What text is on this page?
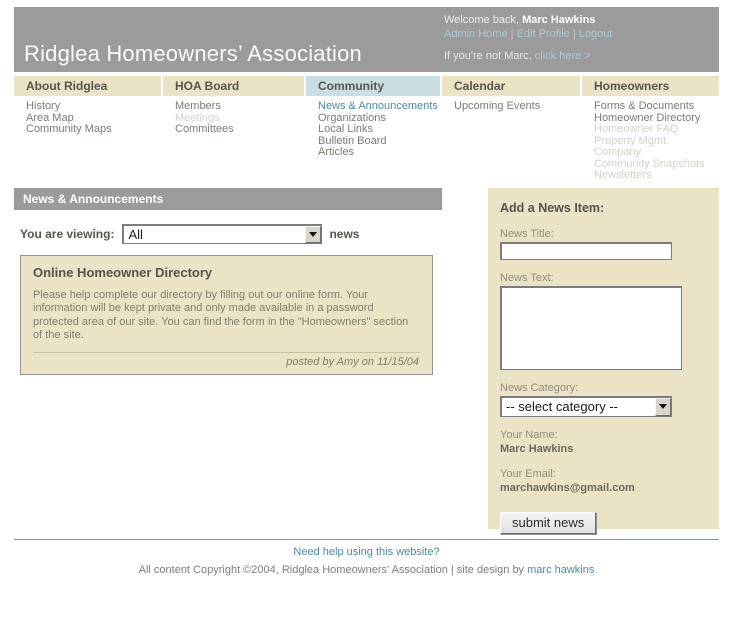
Ridglea Homeowners’ Association
Welcome back, Marc Hawkins
Admin Home | Edit Profile | Logout
If you're not Marc, click here >
About Ridglea
History
Area Map
Community Maps
HOA Board
Members
Meetings
Committees
Community
News & Announcements
Organizations
Local Links
Bulletin Board
Articles
Calendar
Upcoming Events
Homeowners
Forms & Documents
Homeowner Directory
Homeowner FAQ
Property Mgmt. Company
Community Snapshots
Newsletters
News & Announcements
You are viewing:	All	news
Online Homeowner Directory
Please help complete our directory by filling out our online form. Your information will be kept private and only made available in a password protected area of our site. You can find the form in the "Homeowners" section of the site.
posted by Amy on 11/15/04
Add a News Item:
News Title:
News Text:
News Category:
-- select category --
Your Name:
Marc Hawkins
Your Email:
marchawkins@gmail.com
submit news
Need help using this website?
All content Copyright ©2004, Ridglea Homeowners' Association | site design by marc hawkins
